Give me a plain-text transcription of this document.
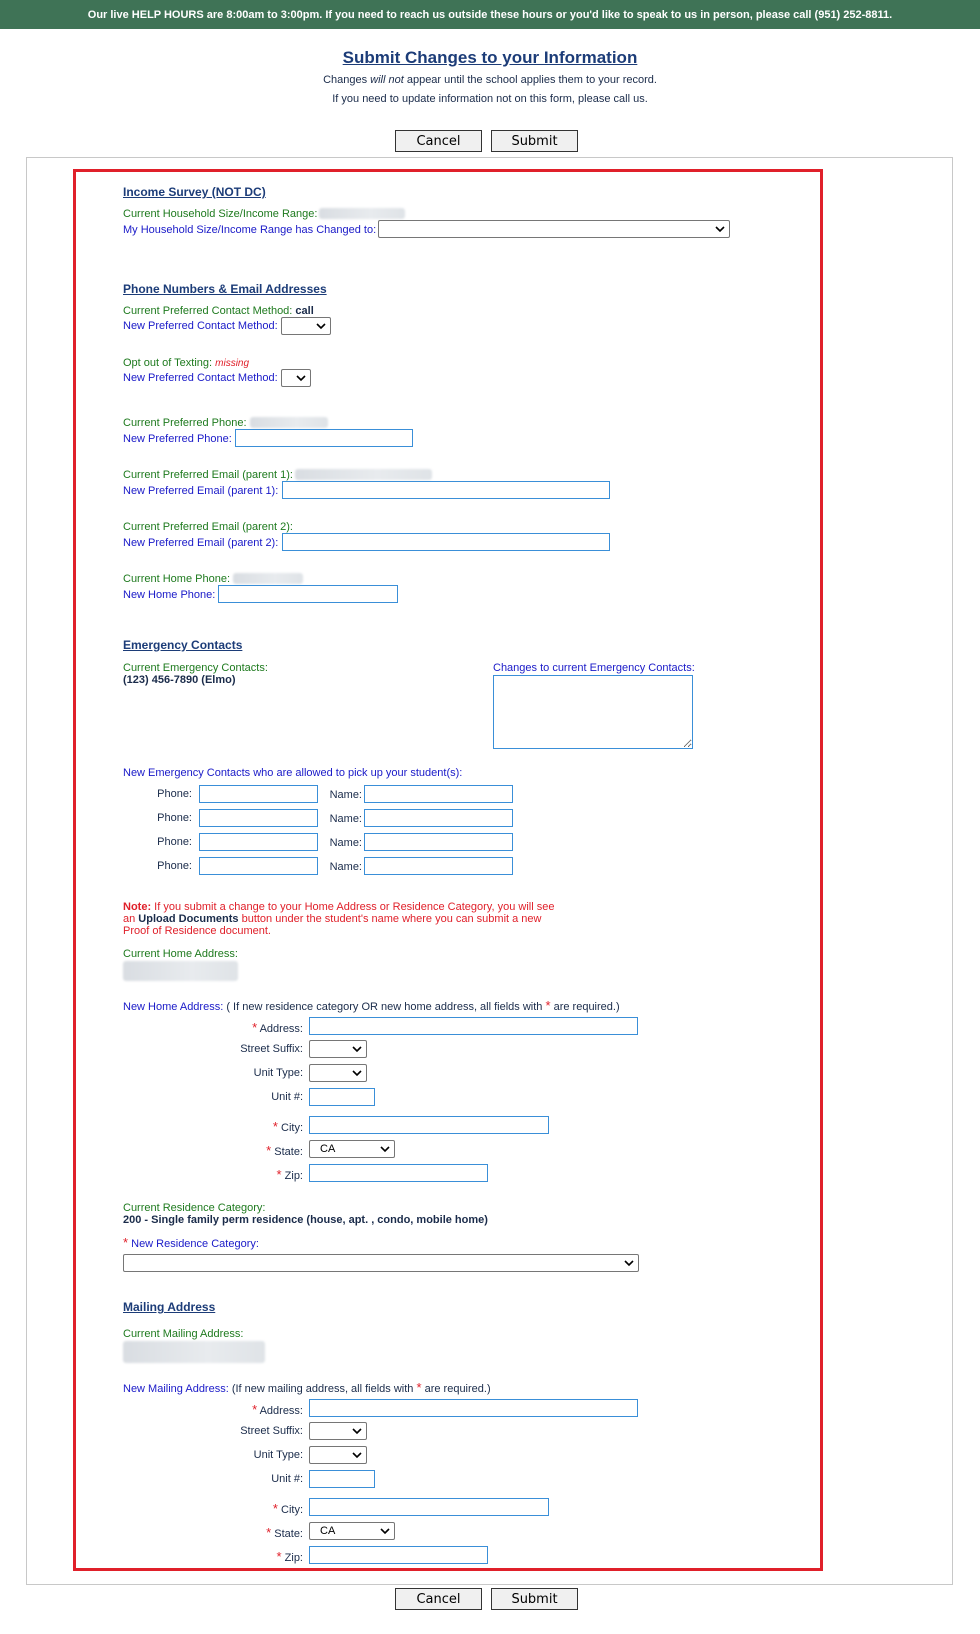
Our live HELP HOURS are 8:00am to 3:00pm. If you need to reach us outside these hours or you'd like to speak to us in person, please call (951) 252-8811.
Submit Changes to your Information
Changes will not appear until the school applies them to your record.
If you need to update information not on this form, please call us.
Cancel	Submit
Income Survey (NOT DC)
Current Household Size/Income Range:
My Household Size/Income Range has Changed to:
Phone Numbers & Email Addresses
Current Preferred Contact Method: call
New Preferred Contact Method:
Opt out of Texting: missing
New Preferred Contact Method:
Current Preferred Phone:
New Preferred Phone:
Current Preferred Email (parent 1):
New Preferred Email (parent 1):
Current Preferred Email (parent 2):
New Preferred Email (parent 2):
Current Home Phone:
New Home Phone:
Emergency Contacts
Current Emergency Contacts:
(123) 456-7890 (Elmo)
Changes to current Emergency Contacts:
New Emergency Contacts who are allowed to pick up your student(s):
Phone:	Name:
Phone:	Name:
Phone:	Name:
Phone:	Name:
Note: If you submit a change to your Home Address or Residence Category, you will see
an Upload Documents button under the student's name where you can submit a new
Proof of Residence document.
Current Home Address:
New Home Address: ( If new residence category OR new home address, all fields with * are required.)
* Address:
Street Suffix:
Unit Type:
Unit #:
* City:
* State: CA
* Zip:
Current Residence Category:
200 - Single family perm residence (house, apt. , condo, mobile home)
* New Residence Category:
Mailing Address
Current Mailing Address:
New Mailing Address: (If new mailing address, all fields with * are required.)
* Address:
Street Suffix:
Unit Type:
Unit #:
* City:
* State: CA
* Zip:
Cancel	Submit
